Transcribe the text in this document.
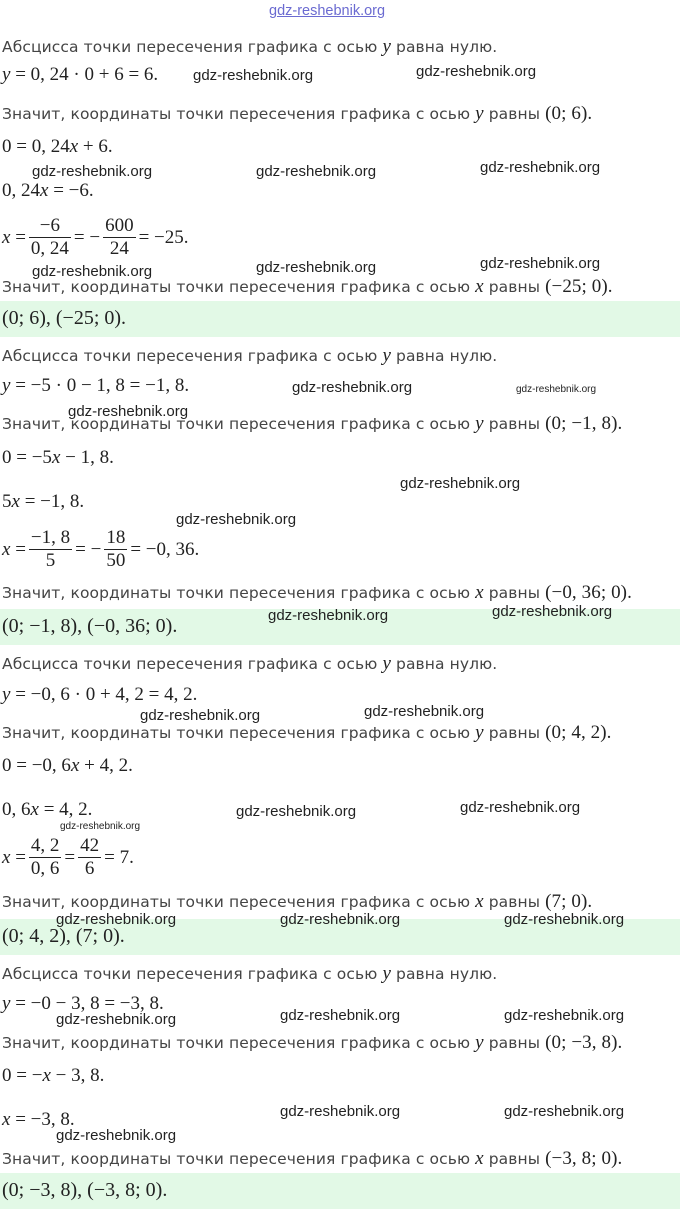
gdz-reshebnik.org
Абсцисса точки пересечения графика с осью y равна нулю.
y = 0, 24 · 0 + 6 = 6.
Значит, координаты точки пересечения графика с осью y равны (0; 6).
0 = 0, 24x + 6.
0, 24x = −6.
$x = \frac{-6}{0, 24}$ = − $\frac{600}{24} = -25$.
Значит, координаты точки пересечения графика с осью x равны (−25; 0).
(0; 6), (−25; 0).
Абсцисса точки пересечения графика с осью y равна нулю.
y = −5 · 0 − 1, 8 = −1, 8.
Значит, координаты точки пересечения графика с осью y равны (0; −1, 8).
0 = −5x − 1, 8.
5x = −1, 8.
$x = \frac{-1, 8}{5}$ = − $\frac{18}{50} = -0$, 36.
Значит, координаты точки пересечения графика с осью x равны (−0, 36; 0).
(0; −1, 8), (−0, 36; 0).
Абсцисса точки пересечения графика с осью y равна нулю.
y = −0, 6 · 0 + 4, 2 = 4, 2.
Значит, координаты точки пересечения графика с осью y равны (0; 4, 2).
0 = −0, 6x + 4, 2.
0, 6x = 4, 2.
$x = \frac{4, 2}{0, 6} = \frac{42}{6} = 7$.
Значит, координаты точки пересечения графика с осью x равны (7; 0).
(0; 4, 2), (7; 0).
Абсцисса точки пересечения графика с осью y равна нулю.
y = −0 − 3, 8 = −3, 8.
Значит, координаты точки пересечения графика с осью y равны (0; −3, 8).
0 = −x − 3, 8.
x = −3, 8.
Значит, координаты точки пересечения графика с осью x равны (−3, 8; 0).
(0; −3, 8), (−3, 8; 0).
gdz-reshebnik.org	gdz-reshebnik.org
gdz-reshebnik.org	gdz-reshebnik.org	gdz-reshebnik.org
gdz-reshebnik.org	gdz-reshebnik.org	gdz-reshebnik.org
gdz-reshebnik.org	gdz-reshebnik.org
gdz-reshebnik.org
gdz-reshebnik.org
gdz-reshebnik.org
gdz-reshebnik.org	gdz-reshebnik.org
gdz-reshebnik.org	gdz-reshebnik.org
gdz-reshebnik.org	gdz-reshebnik.org
gdz-reshebnik.org
gdz-reshebnik.org	gdz-reshebnik.org	gdz-reshebnik.org
gdz-reshebnik.org	gdz-reshebnik.org	gdz-reshebnik.org
gdz-reshebnik.org	gdz-reshebnik.org
gdz-reshebnik.org
